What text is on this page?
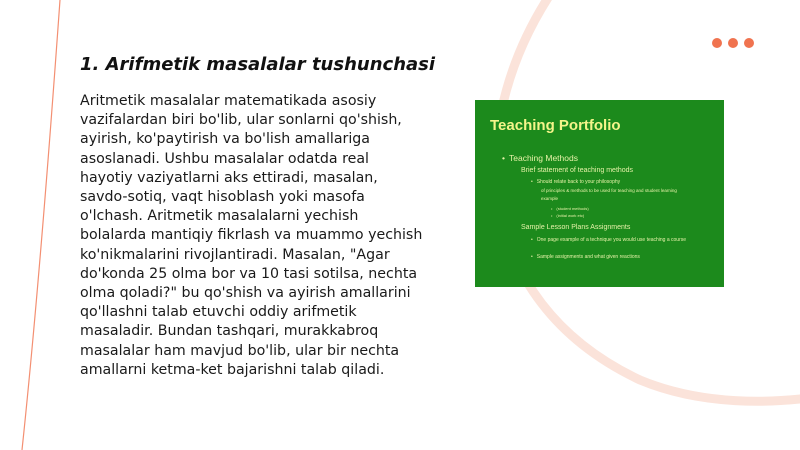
1. Arifmetik masalalar tushunchasi

Aritmetik masalalar matematikada asosiy vazifalardan biri bo'lib, ular sonlarni qo'shish, ayirish, ko'paytirish va bo'lish amallariga asoslanadi. Ushbu masalalar odatda real hayotiy vaziyatlarni aks ettiradi, masalan, savdo-sotiq, vaqt hisoblash yoki masofa o'lchash. Aritmetik masalalarni yechish bolalarda mantiqiy fikrlash va muammo yechish ko'nikmalarini rivojlantiradi. Masalan, "Agar do'konda 25 olma bor va 10 tasi sotilsa, nechta olma qoladi?" bu qo'shish va ayirish amallarini qo'llashni talab etuvchi oddiy arifmetik masaladir. Bundan tashqari, murakkabroq masalalar ham mavjud bo'lib, ular bir nechta amallarni ketma-ket bajarishni talab qiladi.

Teaching Portfolio
• Teaching Methods
Brief statement of teaching methods
• Should relate back to your philosophy
of principles & methods to be used for teaching and student learning
example
• (student methods)
• (initial work etc)
Sample Lesson Plans Assignments
• One page example of a technique you would use teaching a course
• Sample assignments and what given reactions
